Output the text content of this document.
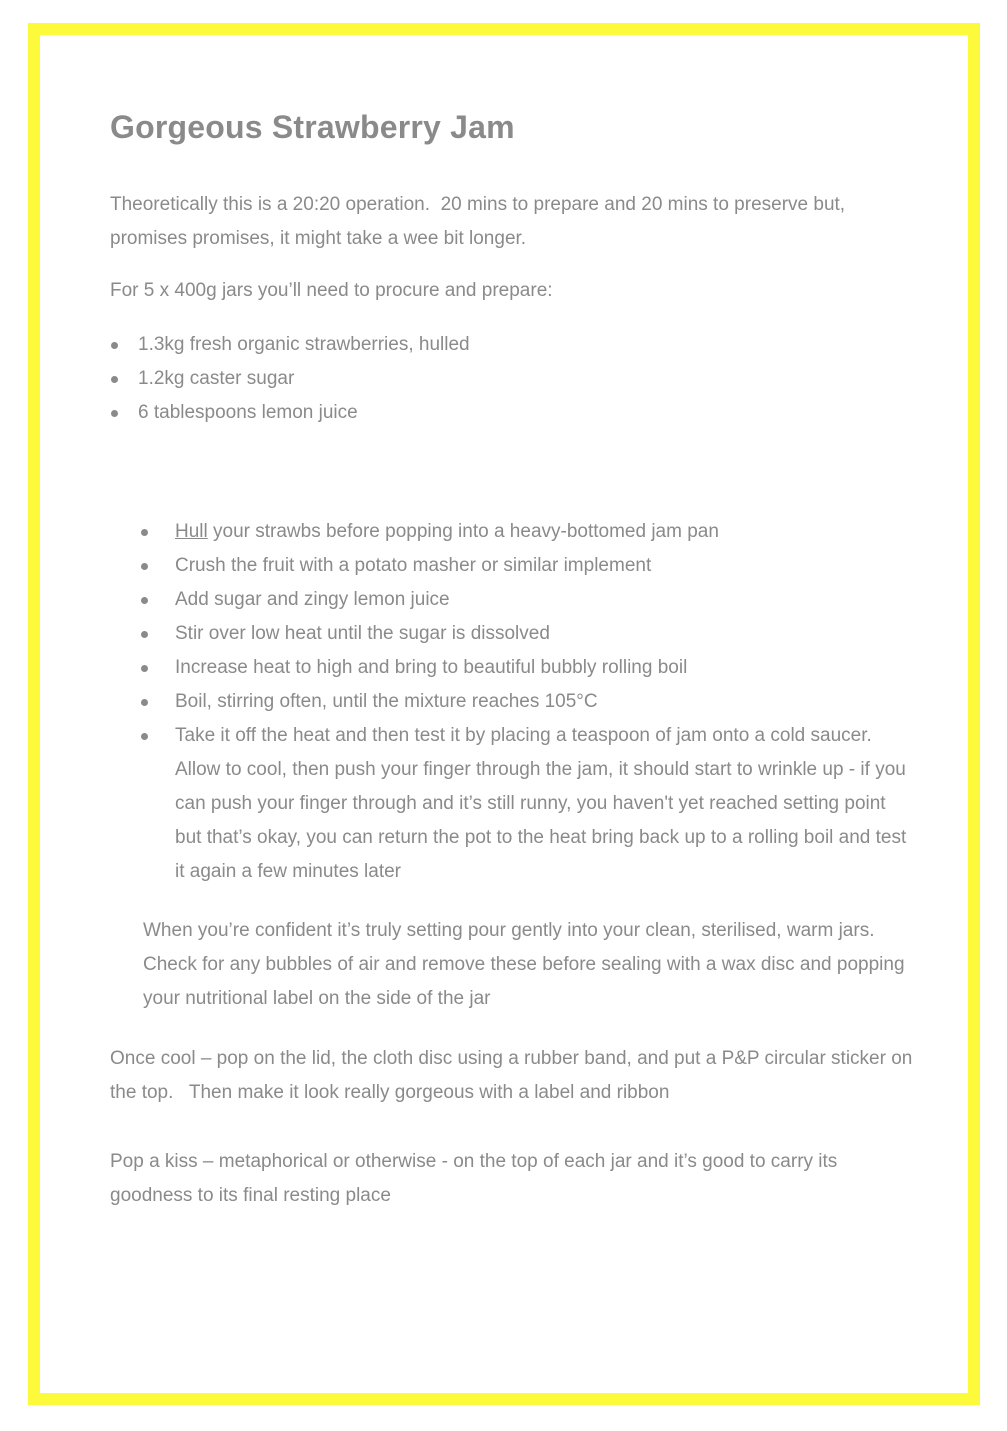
Gorgeous Strawberry Jam

Theoretically this is a 20:20 operation.  20 mins to prepare and 20 mins to preserve but, promises promises, it might take a wee bit longer.

For 5 x 400g jars you’ll need to procure and prepare:

1.3kg fresh organic strawberries, hulled
1.2kg caster sugar
6 tablespoons lemon juice
Hull your strawbs before popping into a heavy-bottomed jam pan
Crush the fruit with a potato masher or similar implement
Add sugar and zingy lemon juice
Stir over low heat until the sugar is dissolved
Increase heat to high and bring to beautiful bubbly rolling boil
Boil, stirring often, until the mixture reaches 105°C
Take it off the heat and then test it by placing a teaspoon of jam onto a cold saucer. Allow to cool, then push your finger through the jam, it should start to wrinkle up - if you can push your finger through and it’s still runny, you haven't yet reached setting point but that’s okay, you can return the pot to the heat bring back up to a rolling boil and test it again a few minutes later

When you’re confident it’s truly setting pour gently into your clean, sterilised, warm jars. Check for any bubbles of air and remove these before sealing with a wax disc and popping your nutritional label on the side of the jar

Once cool – pop on the lid, the cloth disc using a rubber band, and put a P&P circular sticker on the top.   Then make it look really gorgeous with a label and ribbon

Pop a kiss – metaphorical or otherwise - on the top of each jar and it’s good to carry its goodness to its final resting place
